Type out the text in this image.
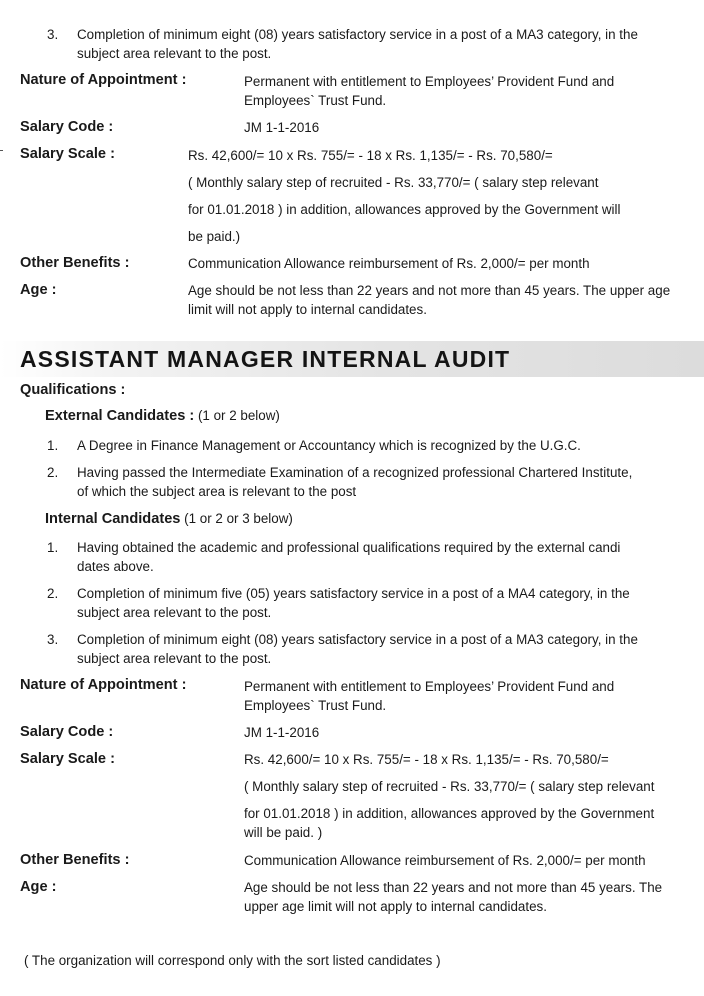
3. Completion of minimum eight (08) years satisfactory service in a post of a MA3 category, in the
subject area relevant to the post.
Nature of Appointment :	Permanent with entitlement to Employees’ Provident Fund and
Employees` Trust Fund.
Salary Code :	JM 1-1-2016
Salary Scale :	Rs. 42,600/= 10 x Rs. 755/= - 18 x Rs. 1,135/= - Rs. 70,580/=
( Monthly salary step of recruited - Rs. 33,770/= ( salary step relevant
for 01.01.2018 ) in addition, allowances approved by the Government will
be paid.)
Other Benefits :	Communication Allowance reimbursement of Rs. 2,000/= per month
Age :	Age should be not less than 22 years and not more than 45 years. The upper age
limit will not apply to internal candidates.
ASSISTANT MANAGER INTERNAL AUDIT
Qualifications :
External Candidates : (1 or 2 below)
1. A Degree in Finance Management or Accountancy which is recognized by the U.G.C.
2. Having passed the Intermediate Examination of a recognized professional Chartered Institute,
of which the subject area is relevant to the post
Internal Candidates (1 or 2 or 3 below)
1. Having obtained the academic and professional qualifications required by the external candi
dates above.
2. Completion of minimum five (05) years satisfactory service in a post of a MA4 category, in the
subject area relevant to the post.
3. Completion of minimum eight (08) years satisfactory service in a post of a MA3 category, in the
subject area relevant to the post.
Nature of Appointment :	Permanent with entitlement to Employees’ Provident Fund and
Employees` Trust Fund.
Salary Code :	JM 1-1-2016
Salary Scale :	Rs. 42,600/= 10 x Rs. 755/= - 18 x Rs. 1,135/= - Rs. 70,580/=
( Monthly salary step of recruited - Rs. 33,770/= ( salary step relevant
for 01.01.2018 ) in addition, allowances approved by the Government
will be paid. )
Other Benefits :	Communication Allowance reimbursement of Rs. 2,000/= per month
Age :	Age should be not less than 22 years and not more than 45 years. The
upper age limit will not apply to internal candidates.
( The organization will correspond only with the sort listed candidates )
